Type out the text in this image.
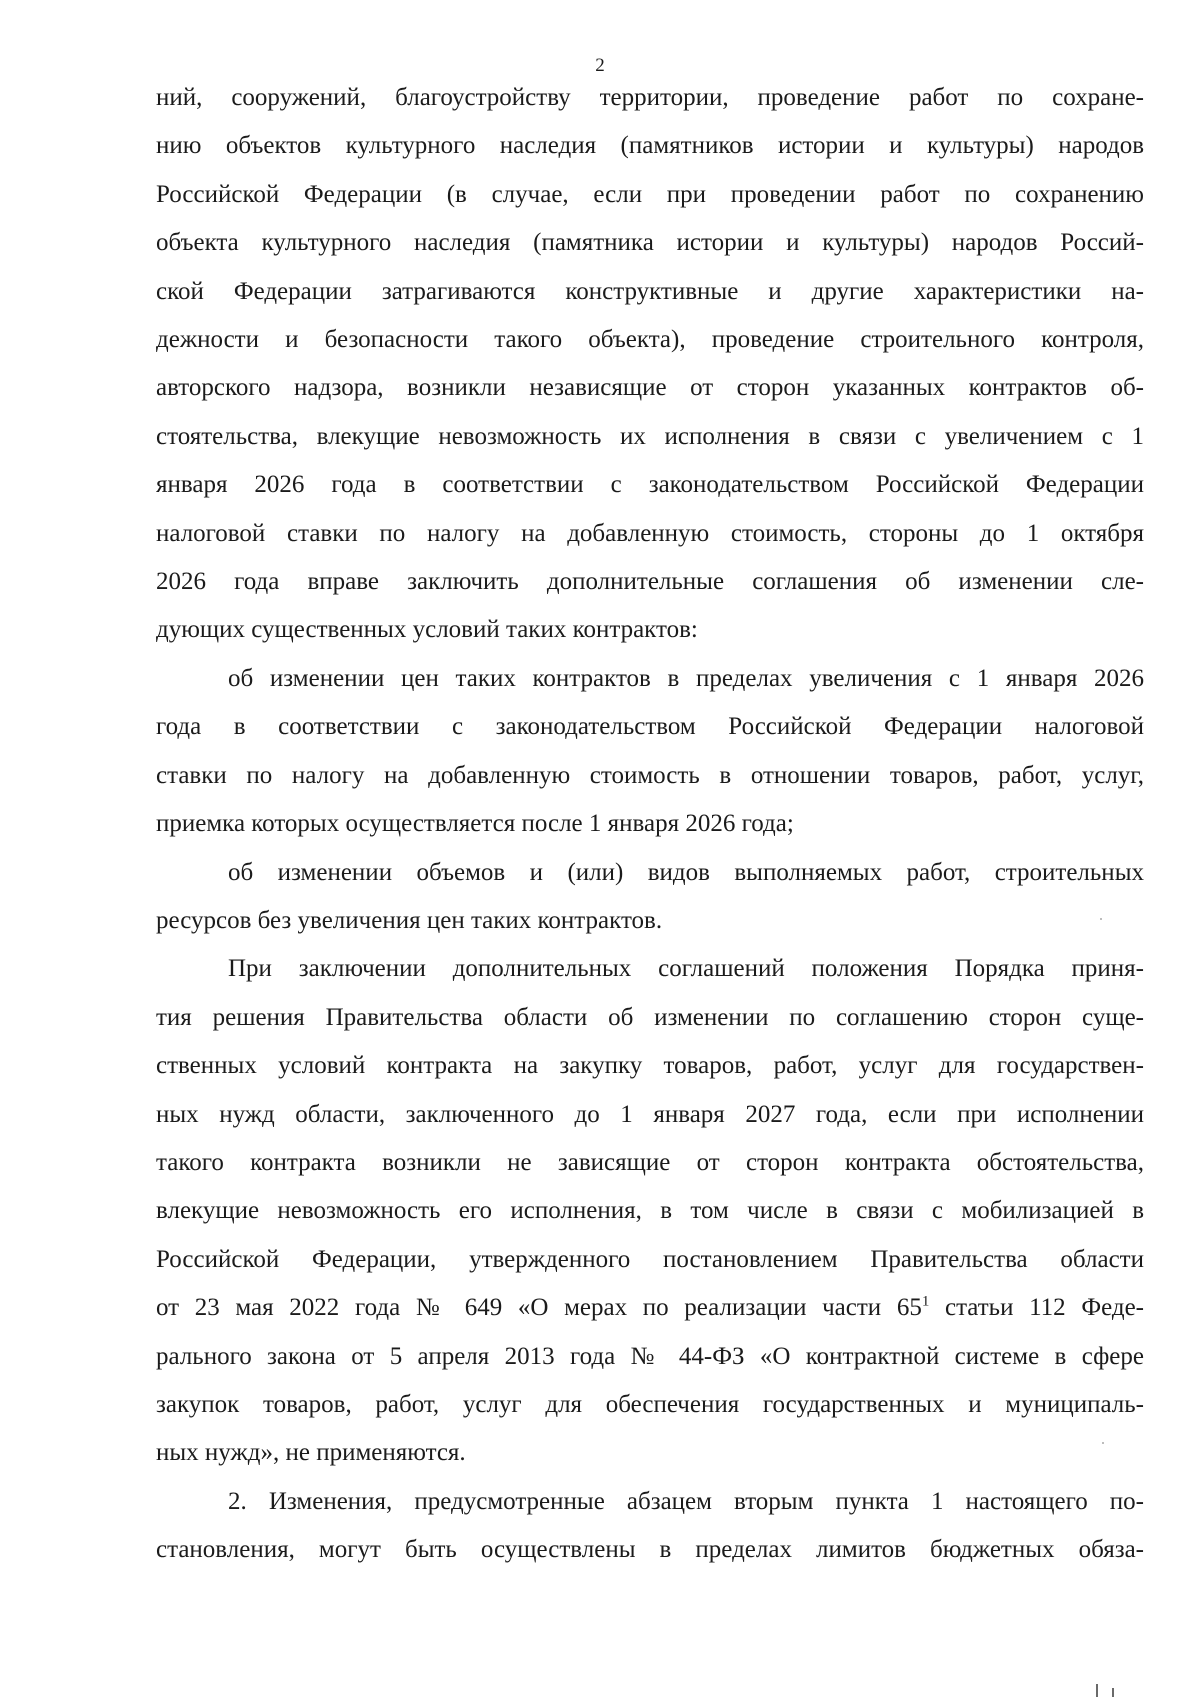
2

ний, сооружений, благоустройству территории, проведение работ по сохране-
нию объектов культурного наследия (памятников истории и культуры) народов
Российской Федерации (в случае, если при проведении работ по сохранению
объекта культурного наследия (памятника истории и культуры) народов Россий-
ской Федерации затрагиваются конструктивные и другие характеристики на-
дежности и безопасности такого объекта), проведение строительного контроля,
авторского надзора, возникли независящие от сторон указанных контрактов об-
стоятельства, влекущие невозможность их исполнения в связи с увеличением с 1
января 2026 года в соответствии с законодательством Российской Федерации
налоговой ставки по налогу на добавленную стоимость, стороны до 1 октября
2026 года вправе заключить дополнительные соглашения об изменении сле-
дующих существенных условий таких контрактов:

об изменении цен таких контрактов в пределах увеличения с 1 января 2026
года в соответствии с законодательством Российской Федерации налоговой
ставки по налогу на добавленную стоимость в отношении товаров, работ, услуг,
приемка которых осуществляется после 1 января 2026 года;

об изменении объемов и (или) видов выполняемых работ, строительных
ресурсов без увеличения цен таких контрактов.

При заключении дополнительных соглашений положения Порядка приня-
тия решения Правительства области об изменении по соглашению сторон суще-
ственных условий контракта на закупку товаров, работ, услуг для государствен-
ных нужд области, заключенного до 1 января 2027 года, если при исполнении
такого контракта возникли не зависящие от сторон контракта обстоятельства,
влекущие невозможность его исполнения, в том числе в связи с мобилизацией в
Российской Федерации, утвержденного постановлением Правительства области
от 23 мая 2022 года № 649 «О мерах по реализации части $65^1$ статьи 112 Феде-
рального закона от 5 апреля 2013 года № 44-ФЗ «О контрактной системе в сфере
закупок товаров, работ, услуг для обеспечения государственных и муниципаль-
ных нужд», не применяются.

2. Изменения, предусмотренные абзацем вторым пункта 1 настоящего по-
становления, могут быть осуществлены в пределах лимитов бюджетных обяза-
